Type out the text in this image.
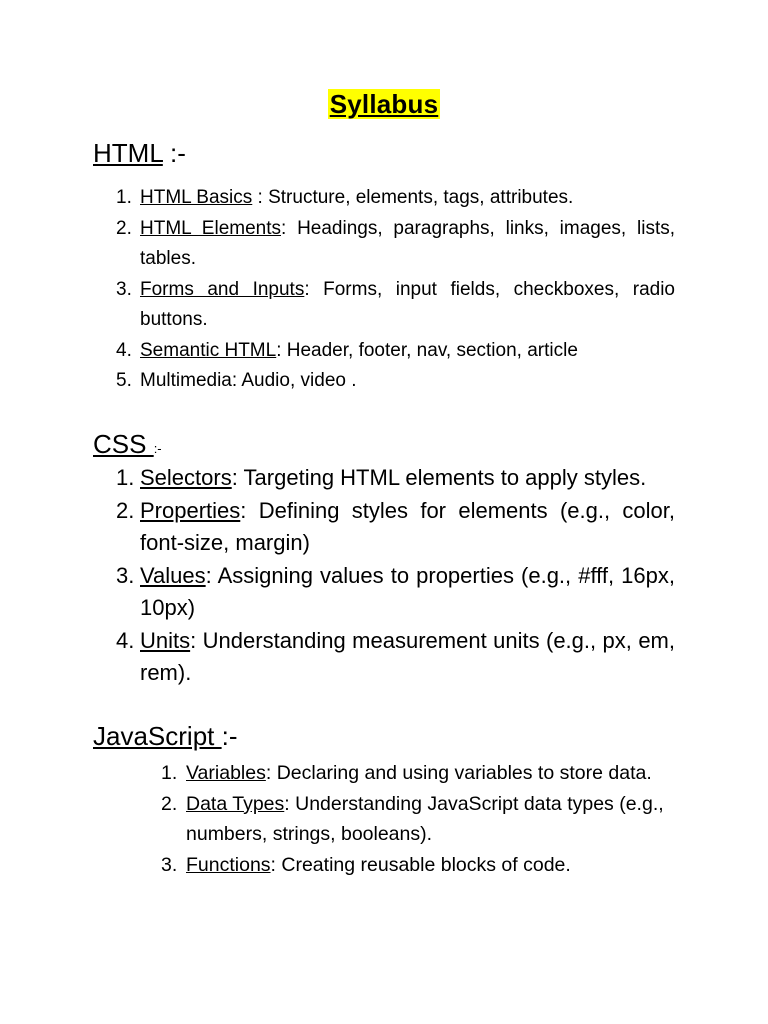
Syllabus
HTML :-
1. HTML Basics : Structure, elements, tags, attributes.
2. HTML Elements: Headings, paragraphs, links, images, lists, tables.
3. Forms and Inputs: Forms, input fields, checkboxes, radio buttons.
4. Semantic HTML: Header, footer, nav, section, article
5. Multimedia: Audio, video .
CSS :-
1. Selectors: Targeting HTML elements to apply styles.
2. Properties: Defining styles for elements (e.g., color, font-size, margin)
3. Values: Assigning values to properties (e.g., #fff, 16px, 10px)
4. Units: Understanding measurement units (e.g., px, em, rem).
JavaScript :-
1. Variables: Declaring and using variables to store data.
2. Data Types: Understanding JavaScript data types (e.g., numbers, strings, booleans).
3. Functions: Creating reusable blocks of code.
